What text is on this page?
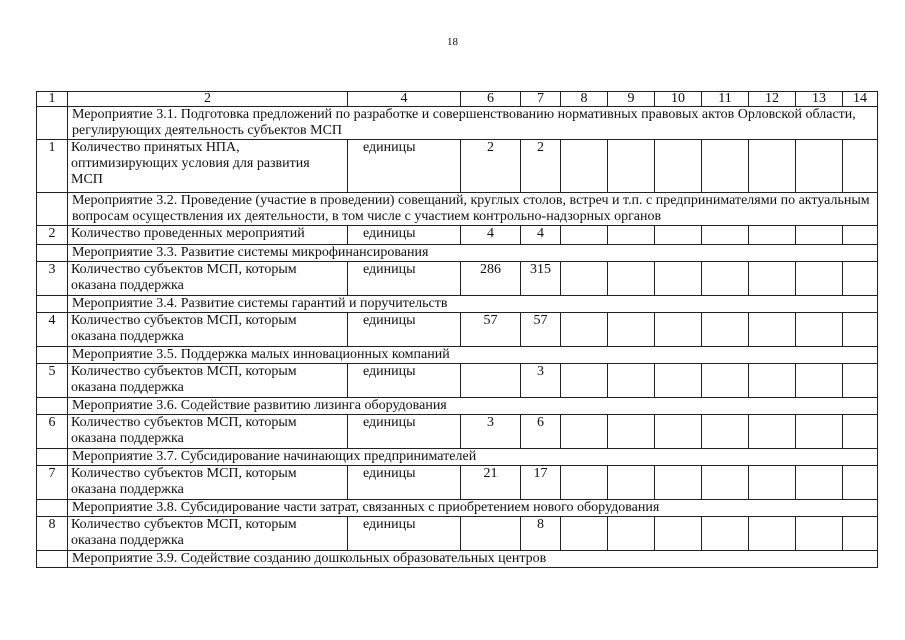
18
1	2	4	6	7	8	9	10	11	12	13	14
	Мероприятие 3.1. Подготовка предложений по разработке и совершенствованию нормативных правовых актов Орловской области, регулирующих деятельность субъектов МСП										
1	Количество принятых НПА, оптимизирующих условия для развития МСП	единицы	2	2							
	Мероприятие 3.2. Проведение (участие в проведении) совещаний, круглых столов, встреч и т.п. с предпринимателями по актуальным вопросам осуществления их деятельности, в том числе с участием контрольно-надзорных органов										
2	Количество проведенных мероприятий	единицы	4	4							
	Мероприятие 3.3. Развитие системы микрофинансирования										
3	Количество субъектов МСП, которым оказана поддержка	единицы	286	315							
	Мероприятие 3.4. Развитие системы гарантий и поручительств										
4	Количество субъектов МСП, которым оказана поддержка	единицы	57	57							
	Мероприятие 3.5. Поддержка малых инновационных компаний										
5	Количество субъектов МСП, которым оказана поддержка	единицы		3							
	Мероприятие 3.6. Содействие развитию лизинга оборудования										
6	Количество субъектов МСП, которым оказана поддержка	единицы	3	6							
	Мероприятие 3.7. Субсидирование начинающих предпринимателей										
7	Количество субъектов МСП, которым оказана поддержка	единицы	21	17							
	Мероприятие 3.8. Субсидирование части затрат, связанных с приобретением нового оборудования										
8	Количество субъектов МСП, которым оказана поддержка	единицы		8							
	Мероприятие 3.9. Содействие созданию дошкольных образовательных центров										
